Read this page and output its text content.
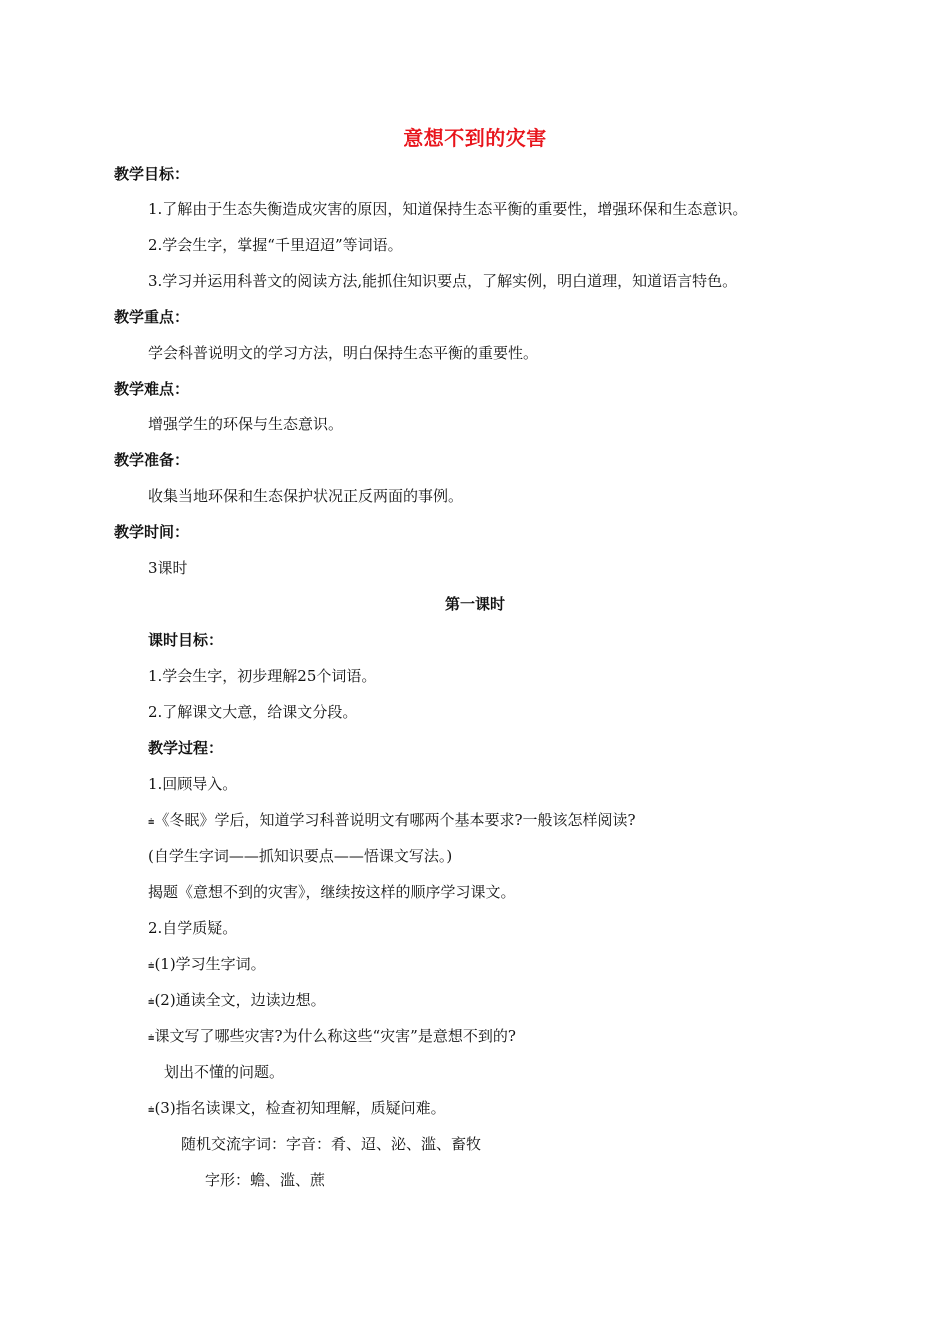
意想不到的灾害
教学目标：
1.了解由于生态失衡造成灾害的原因，知道保持生态平衡的重要性，增强环保和生态意识。
2.学会生字，掌握“千里迢迢”等词语。
3.学习并运用科普文的阅读方法,能抓住知识要点，了解实例，明白道理，知道语言特色。
教学重点：
学会科普说明文的学习方法，明白保持生态平衡的重要性。
教学难点：
增强学生的环保与生态意识。
教学准备：
收集当地环保和生态保护状况正反两面的事例。
教学时间：
3课时
第一课时
课时目标：
1.学会生字，初步理解25个词语。
2.了解课文大意，给课文分段。
教学过程：
1.回顾导入。
⩧《冬眠》学后，知道学习科普说明文有哪两个基本要求?一般该怎样阅读?
(自学生字词——抓知识要点——悟课文写法。)
揭题《意想不到的灾害》，继续按这样的顺序学习课文。
2.自学质疑。
⩧(1)学习生字词。
⩧(2)通读全文，边读边想。
⩧课文写了哪些灾害?为什么称这些“灾害”是意想不到的?
划出不懂的问题。
⩧(3)指名读课文，检查初知理解，质疑问难。
随机交流字词：字音：肴、迢、泌、滥、畜牧
字形：蟾、滥、蔗
